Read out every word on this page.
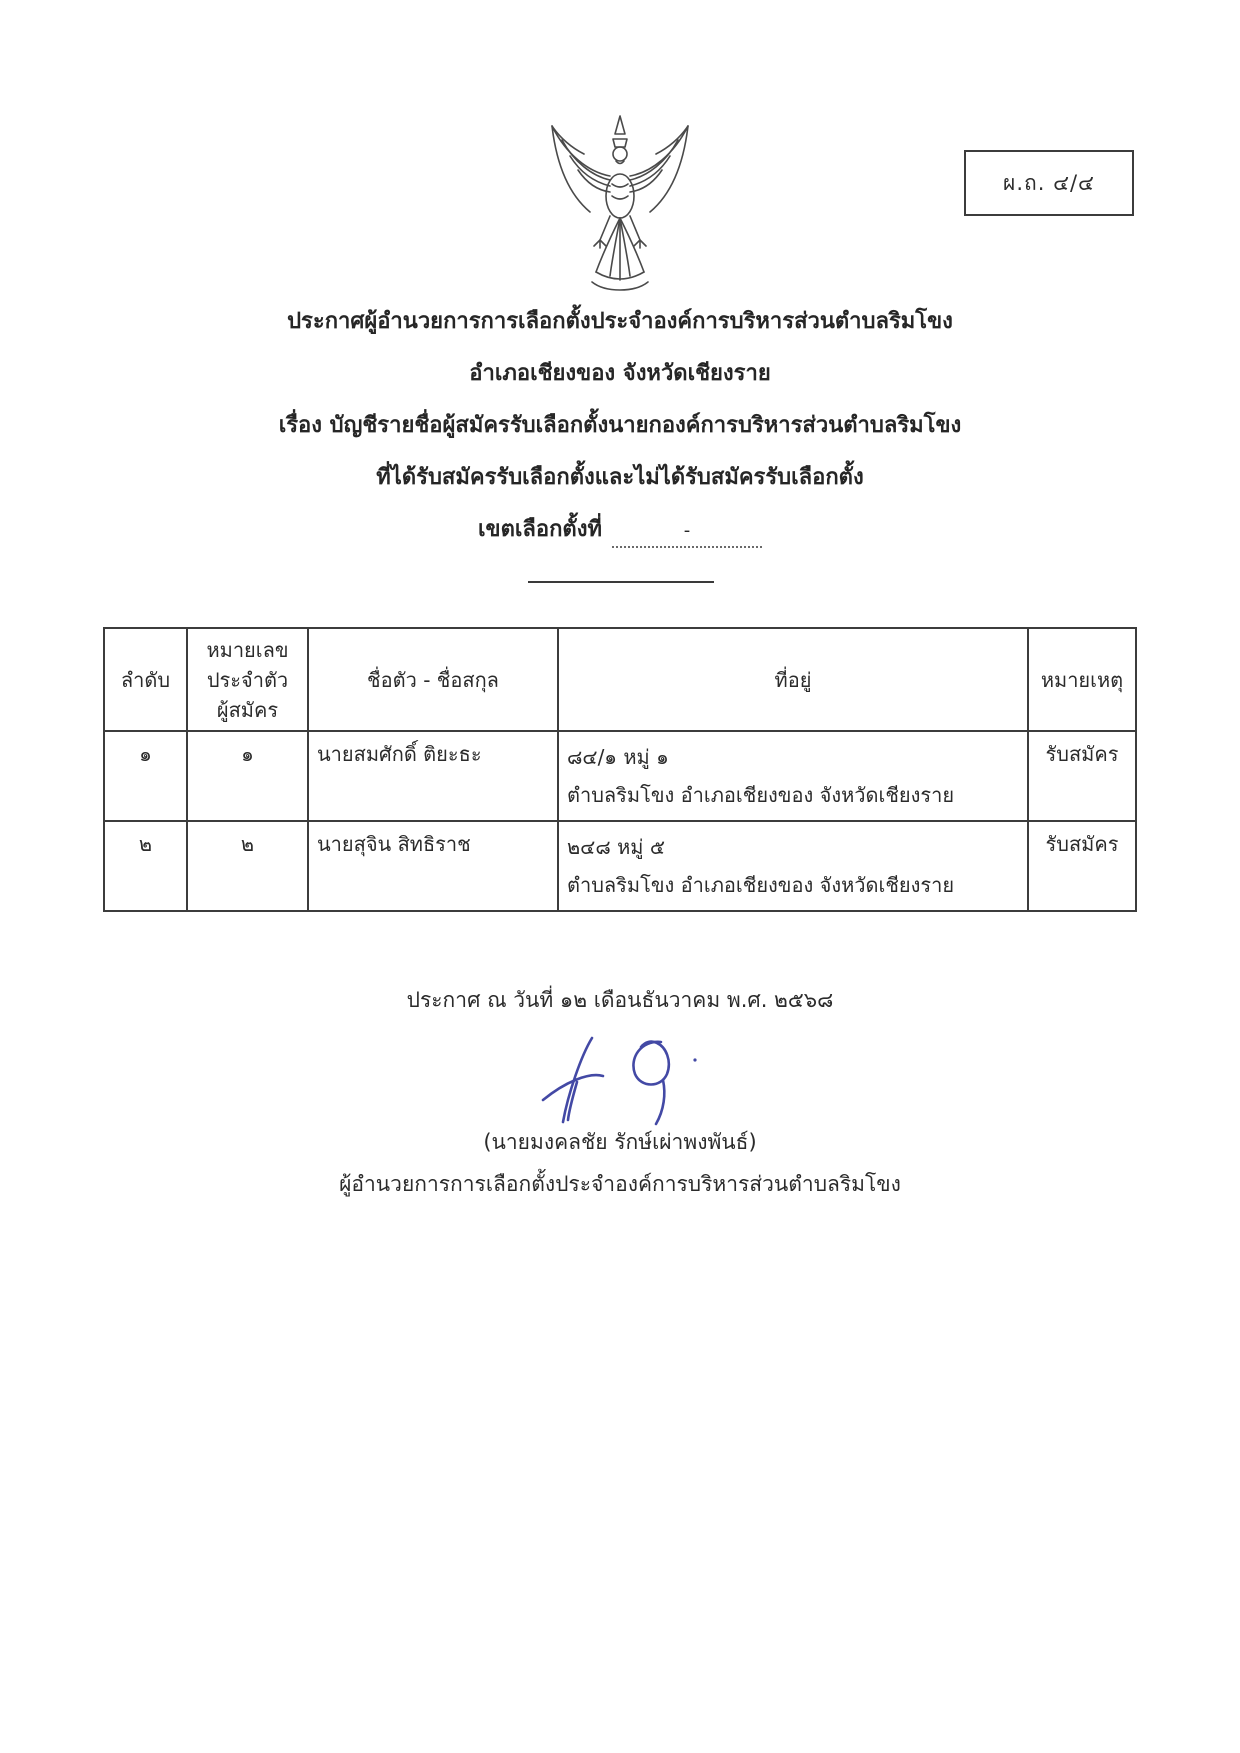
ผ.ถ. ๔/๔

ประกาศผู้อำนวยการการเลือกตั้งประจำองค์การบริหารส่วนตำบลริมโขง

อำเภอเชียงของ จังหวัดเชียงราย

เรื่อง บัญชีรายชื่อผู้สมัครรับเลือกตั้งนายกองค์การบริหารส่วนตำบลริมโขง

ที่ได้รับสมัครรับเลือกตั้งและไม่ได้รับสมัครรับเลือกตั้ง

เขตเลือกตั้งที่	-
ลำดับ	หมายเลข
ประจำตัว
ผู้สมัคร	ชื่อตัว - ชื่อสกุล	ที่อยู่	หมายเหตุ
๑	๑	นายสมศักดิ์ ติยะธะ	๘๔/๑ หมู่ ๑
ตำบลริมโขง อำเภอเชียงของ จังหวัดเชียงราย	รับสมัคร
๒	๒	นายสุจิน สิทธิราช	๒๔๘ หมู่ ๕
ตำบลริมโขง อำเภอเชียงของ จังหวัดเชียงราย	รับสมัคร

ประกาศ ณ วันที่ ๑๒ เดือนธันวาคม พ.ศ. ๒๕๖๘

(นายมงคลชัย รักษ์เผ่าพงพันธ์)

ผู้อำนวยการการเลือกตั้งประจำองค์การบริหารส่วนตำบลริมโขง
